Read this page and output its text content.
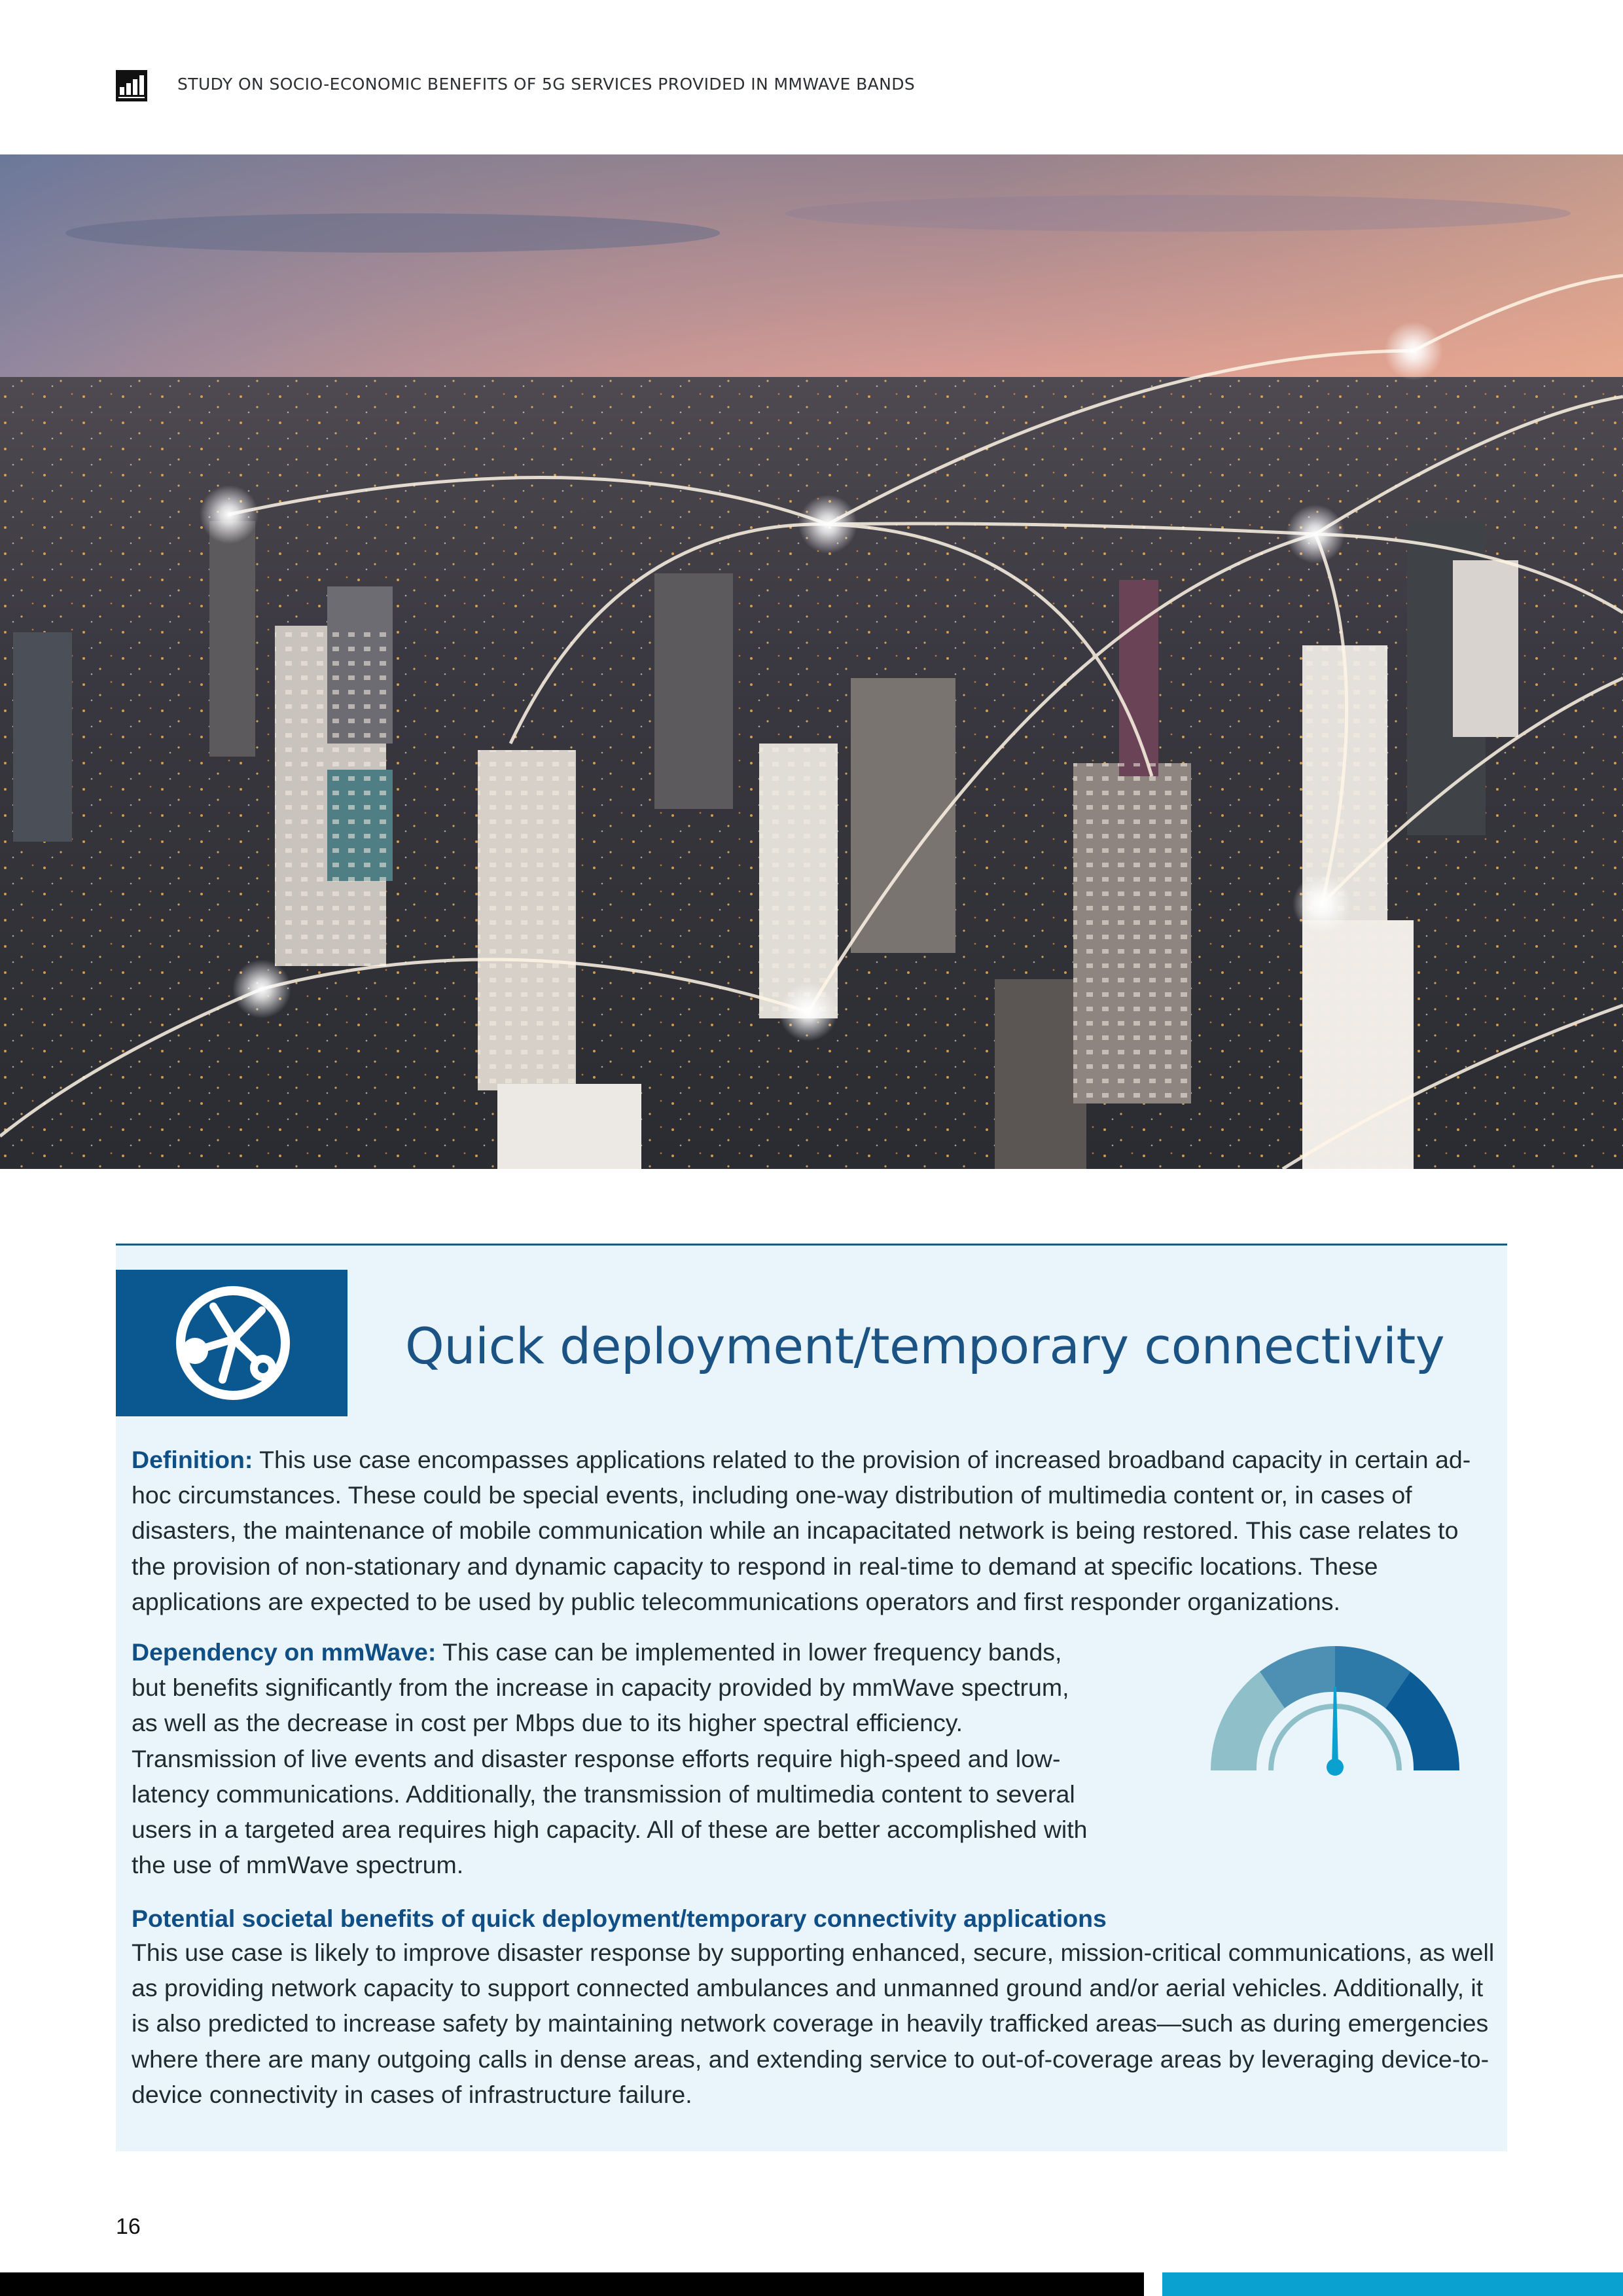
STUDY ON SOCIO-ECONOMIC BENEFITS OF 5G SERVICES PROVIDED IN MMWAVE BANDS
Quick deployment/temporary connectivity

Definition: This use case encompasses applications related to the provision of increased broadband capacity in certain ad-hoc circumstances. These could be special events, including one-way distribution of multimedia content or, in cases of disasters, the maintenance of mobile communication while an incapacitated network is being restored. This case relates to the provision of non-stationary and dynamic capacity to respond in real-time to demand at specific locations. These applications are expected to be used by public telecommunications operators and first responder organizations.

Dependency on mmWave: This case can be implemented in lower frequency bands, but benefits significantly from the increase in capacity provided by mmWave spectrum, as well as the decrease in cost per Mbps due to its higher spectral efficiency. Transmission of live events and disaster response efforts require high-speed and low-latency communications. Additionally, the transmission of multimedia content to several users in a targeted area requires high capacity. All of these are better accomplished with the use of mmWave spectrum.

Potential societal benefits of quick deployment/temporary connectivity applications

This use case is likely to improve disaster response by supporting enhanced, secure, mission-critical communications, as well as providing network capacity to support connected ambulances and unmanned ground and/or aerial vehicles. Additionally, it is also predicted to increase safety by maintaining network coverage in heavily trafficked areas—such as during emergencies where there are many outgoing calls in dense areas, and extending service to out-of-coverage areas by leveraging device-to-device connectivity in cases of infrastructure failure.

16
